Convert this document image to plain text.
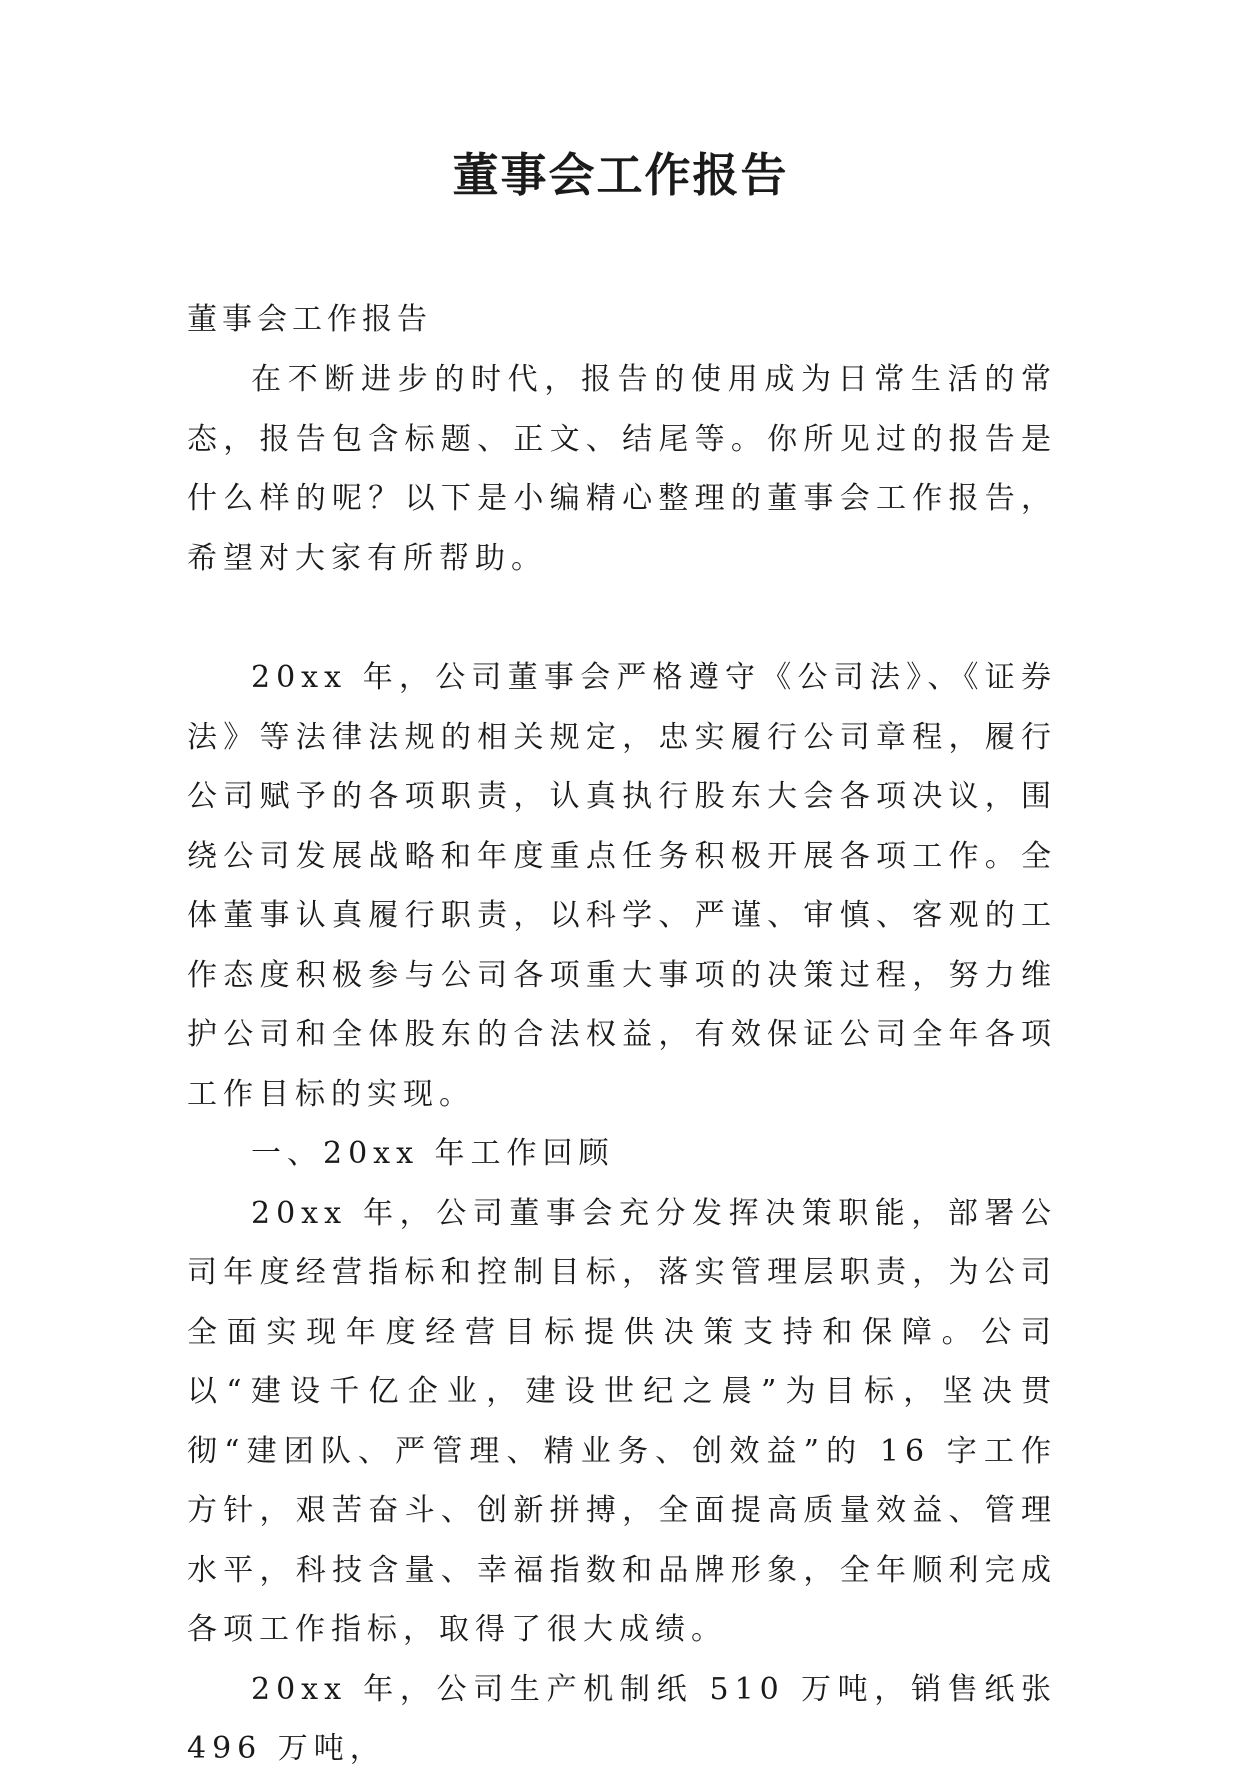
董事会工作报告

董事会工作报告

在不断进步的时代，报告的使用成为日常生活的常态，报告包含标题、正文、结尾等。你所见过的报告是什么样的呢？以下是小编精心整理的董事会工作报告，希望对大家有所帮助。

20xx 年，公司董事会严格遵守《公司法》、《证券法》等法律法规的相关规定，忠实履行公司章程，履行公司赋予的各项职责，认真执行股东大会各项决议，围绕公司发展战略和年度重点任务积极开展各项工作。全体董事认真履行职责，以科学、严谨、审慎、客观的工作态度积极参与公司各项重大事项的决策过程，努力维护公司和全体股东的合法权益，有效保证公司全年各项工作目标的实现。

一、20xx 年工作回顾

20xx 年，公司董事会充分发挥决策职能，部署公司年度经营指标和控制目标，落实管理层职责，为公司全面实现年度经营目标提供决策支持和保障。公司以“建设千亿企业，建设世纪之晨”为目标，坚决贯彻“建团队、严管理、精业务、创效益”的 16 字工作方针，艰苦奋斗、创新拼搏，全面提高质量效益、管理水平，科技含量、幸福指数和品牌形象，全年顺利完成各项工作指标，取得了很大成绩。

20xx 年，公司生产机制纸 510 万吨，销售纸张 496 万吨，
